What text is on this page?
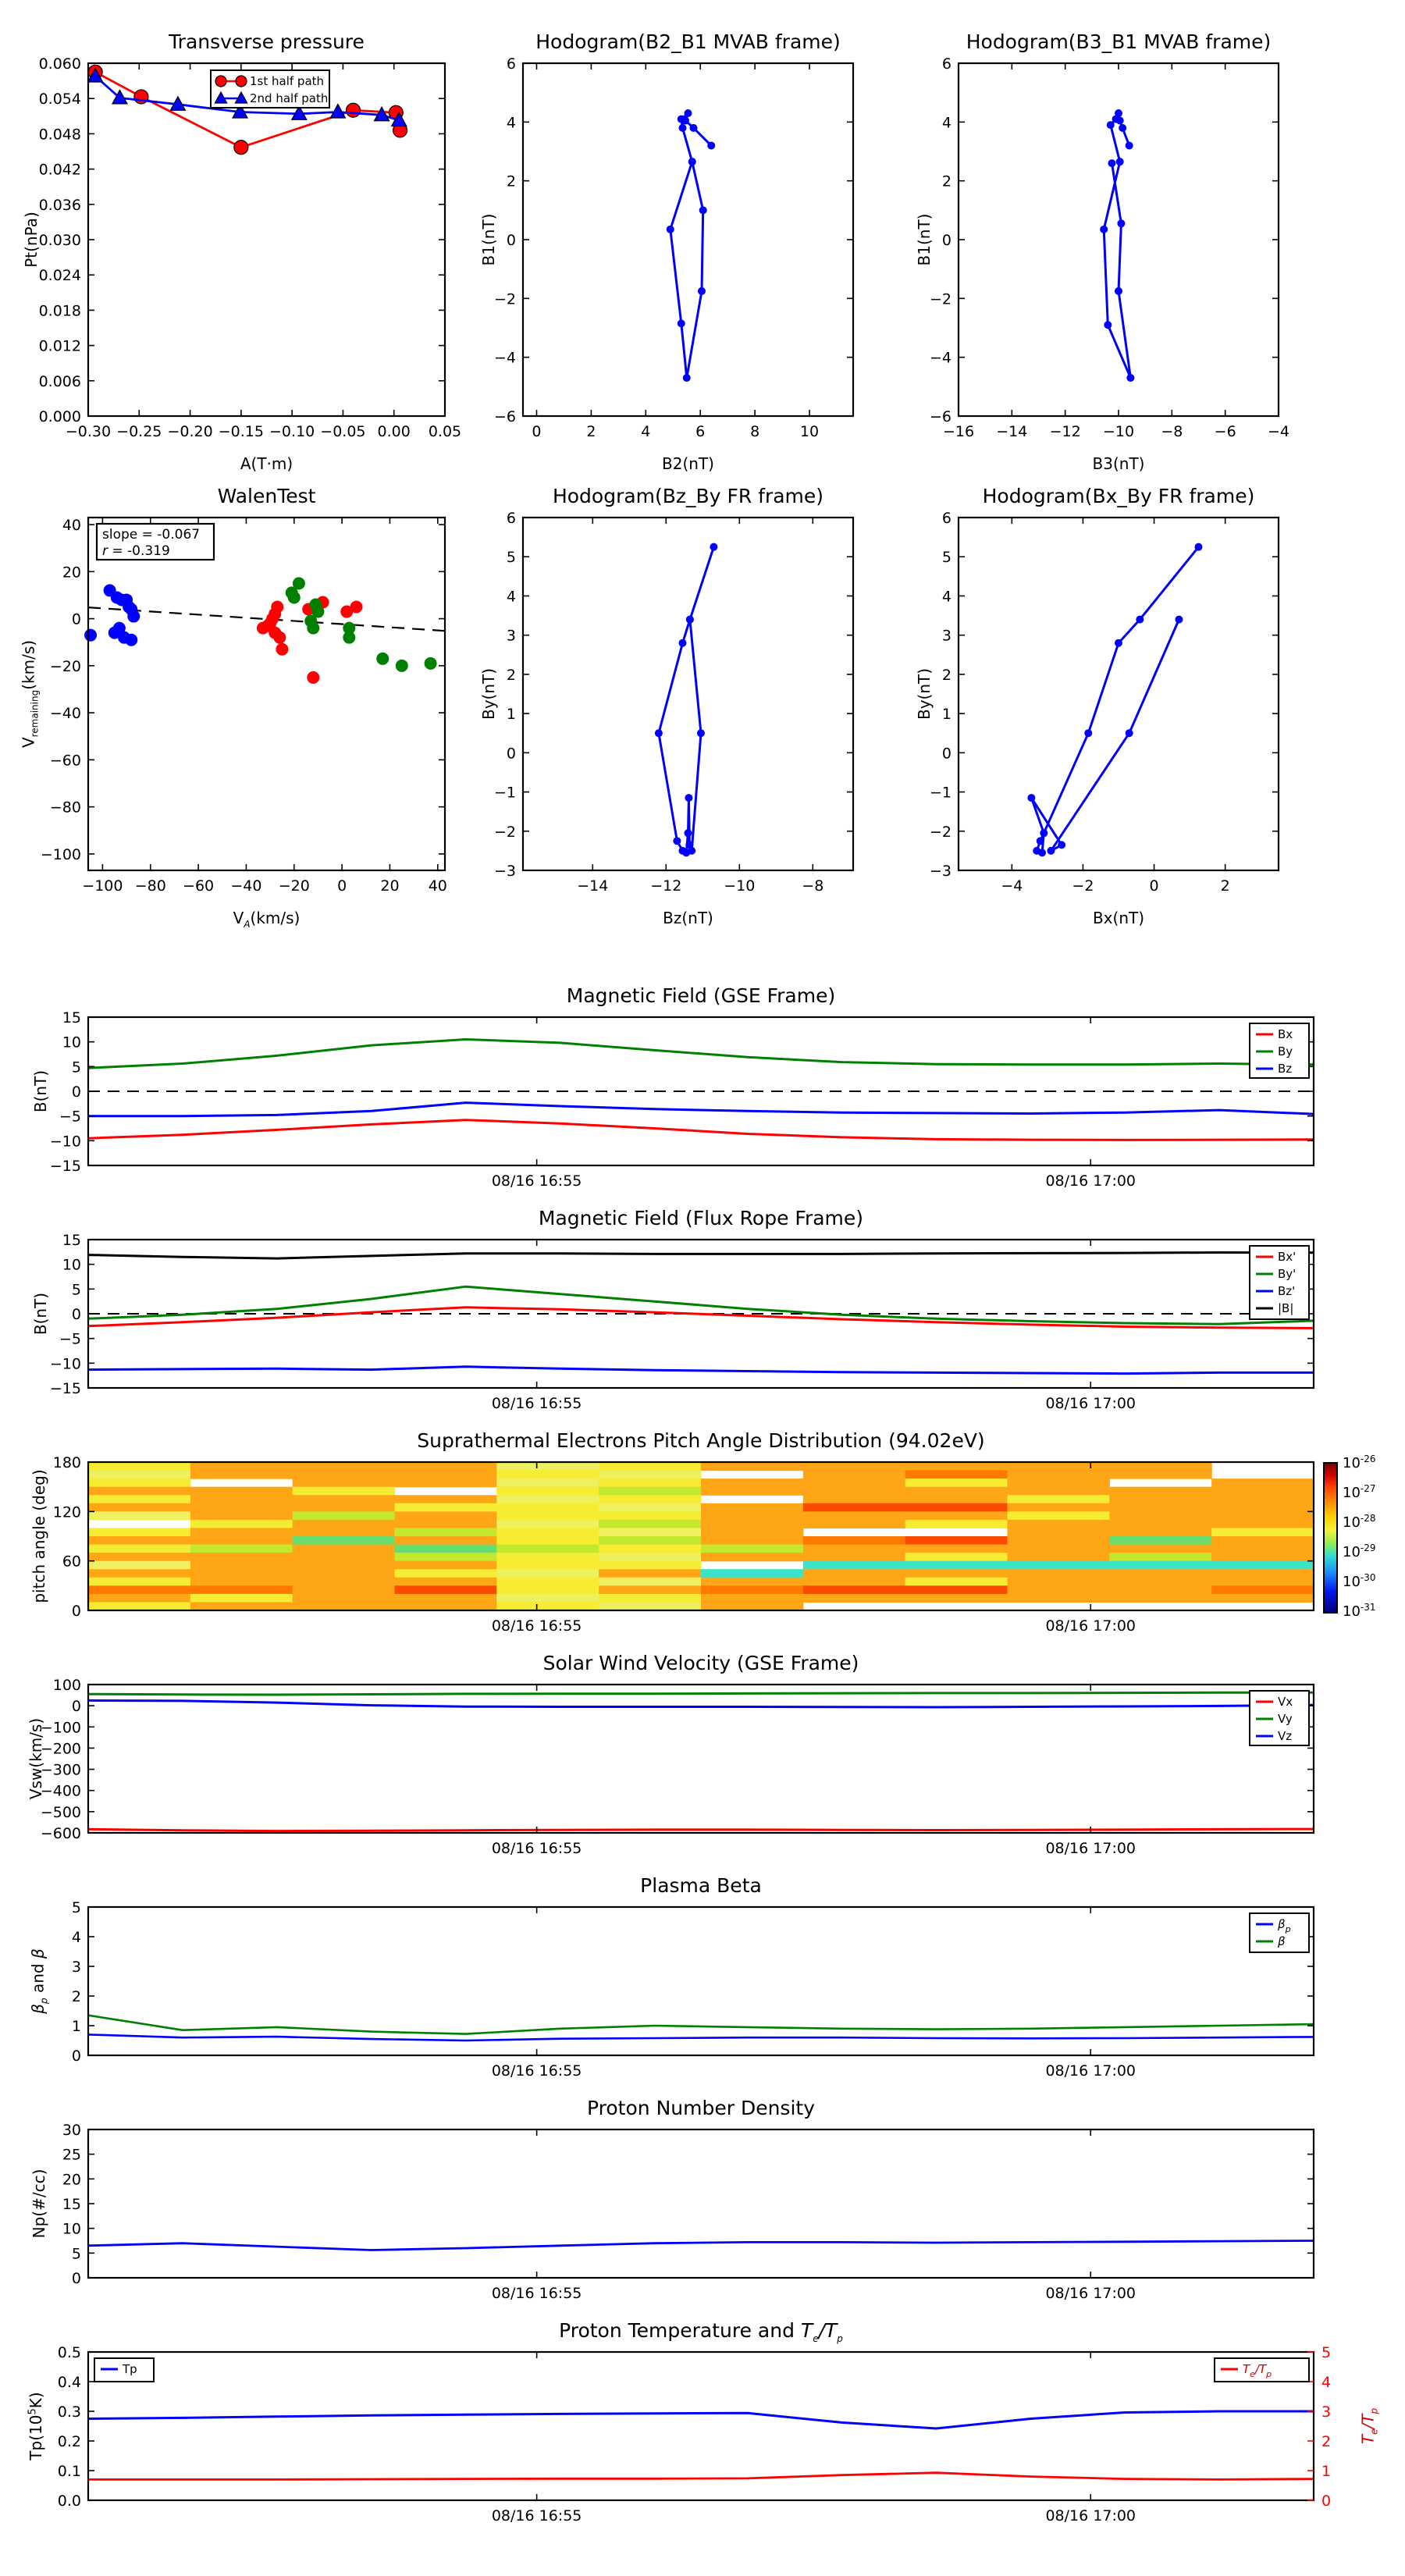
−0.30 −0.25 −0.20 −0.15 −0.10 −0.05 0.00 0.05
0.000
0.006
0.012
0.018
0.024
0.030
0.036
0.042
0.048
0.054
0.060
1st half path
2nd half path
0	2	4	6	8	10
−6
−4
−2
0
2
4
6
−16 −14 −12 −10 −8 −6 −4
−6
−4
−2
0
2
4
6
−100 −80 −60 −40 −20 0 20 40
40
20
0
−20
−40
−60
−80
−100
slope = -0.067
r = -0.319
−14	−12	−10	−8
−3
−2
−1
0
1
2
3
4
5
6
−4	−2	0	2
−3
−2
−1
0
1
2
3
4
5
6
08/16 16:55	08/16 17:00
−15
−10
−5
0
5
10
15
Bx
By
Bz
08/16 16:55	08/16 17:00
−15
−10
−5
0
5
10
15
Bx'
By'
Bz'
|B|
08/16 16:55	08/16 17:00
0
60
120
180
08/16 16:55	08/16 17:00
100
0
−100
−200
−300
−400
−500
−600
Vx
Vy
Vz
08/16 16:55	08/16 17:00
0
1
2
3
4
5
$\beta_p$
β
08/16 16:55	08/16 17:00
0
5
10
15
20
25
30
08/16 16:55	08/16 17:00
0.0
0.1
0.2
0.3
0.4
0.5
0
1
2
3
4
5
Tp	$T_e/T_p$
Transverse pressure	Hodogram(B2_B1 MVAB frame)	Hodogram(B3_B1 MVAB frame)
WalenTest	Hodogram(Bz_By FR frame)	Hodogram(Bx_By FR frame)
Magnetic Field (GSE Frame)
Magnetic Field (Flux Rope Frame)
Suprathermal Electrons Pitch Angle Distribution (94.02eV)
Solar Wind Velocity (GSE Frame)
Plasma Beta
Proton Number Density
Proton Temperature and $T_e/T_p$
A(T·m)	B2(nT)	B3(nT)
$V_A(km/s)$	Bz(nT)	Bx(nT)
Pt(nPa)	B1(nT)	B1(nT)
$V_{remaining}(km/s)$
By(nT)	By(nT)
B(nT)
B(nT)
pitch angle (deg)
Vsw(km/s)
$\beta_p$ and β
Np(#/cc)
$Tp(10^5K)$
$T_e/T_p$
$10^{-26}$
$10^{-27}$
$10^{-28}$
$10^{-29}$
$10^{-30}$
$10^{-31}$
